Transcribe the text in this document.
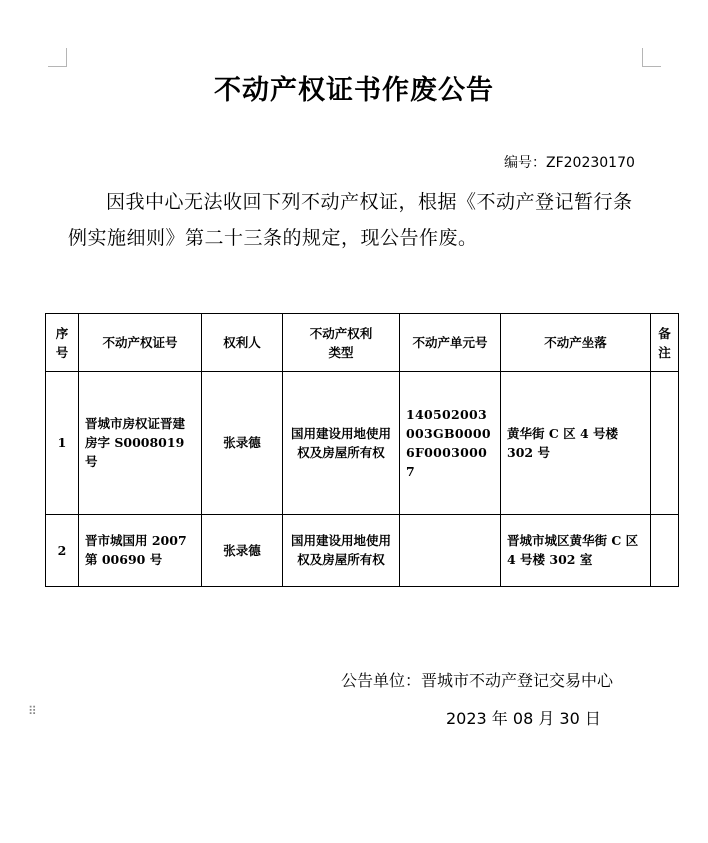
不动产权证书作废公告
编号：ZF20230170
因我中心无法收回下列不动产权证，根据《不动产登记暂行条例实施细则》第二十三条的规定，现公告作废。
序号	不动产权证号	权利人	不动产权利类型	不动产单元号	不动产坐落	备注
1	晋城市房权证晋建房字 S0008019 号	张录德	国用建设用地使用权及房屋所有权	140502003003GB00006F00030007	黄华街 C 区 4 号楼 302 号	
2	晋市城国用 2007 第 00690 号	张录德	国用建设用地使用权及房屋所有权		晋城市城区黄华街 C 区 4 号楼 302 室	
⠿
公告单位：晋城市不动产登记交易中心
2023 年 08 月 30 日
